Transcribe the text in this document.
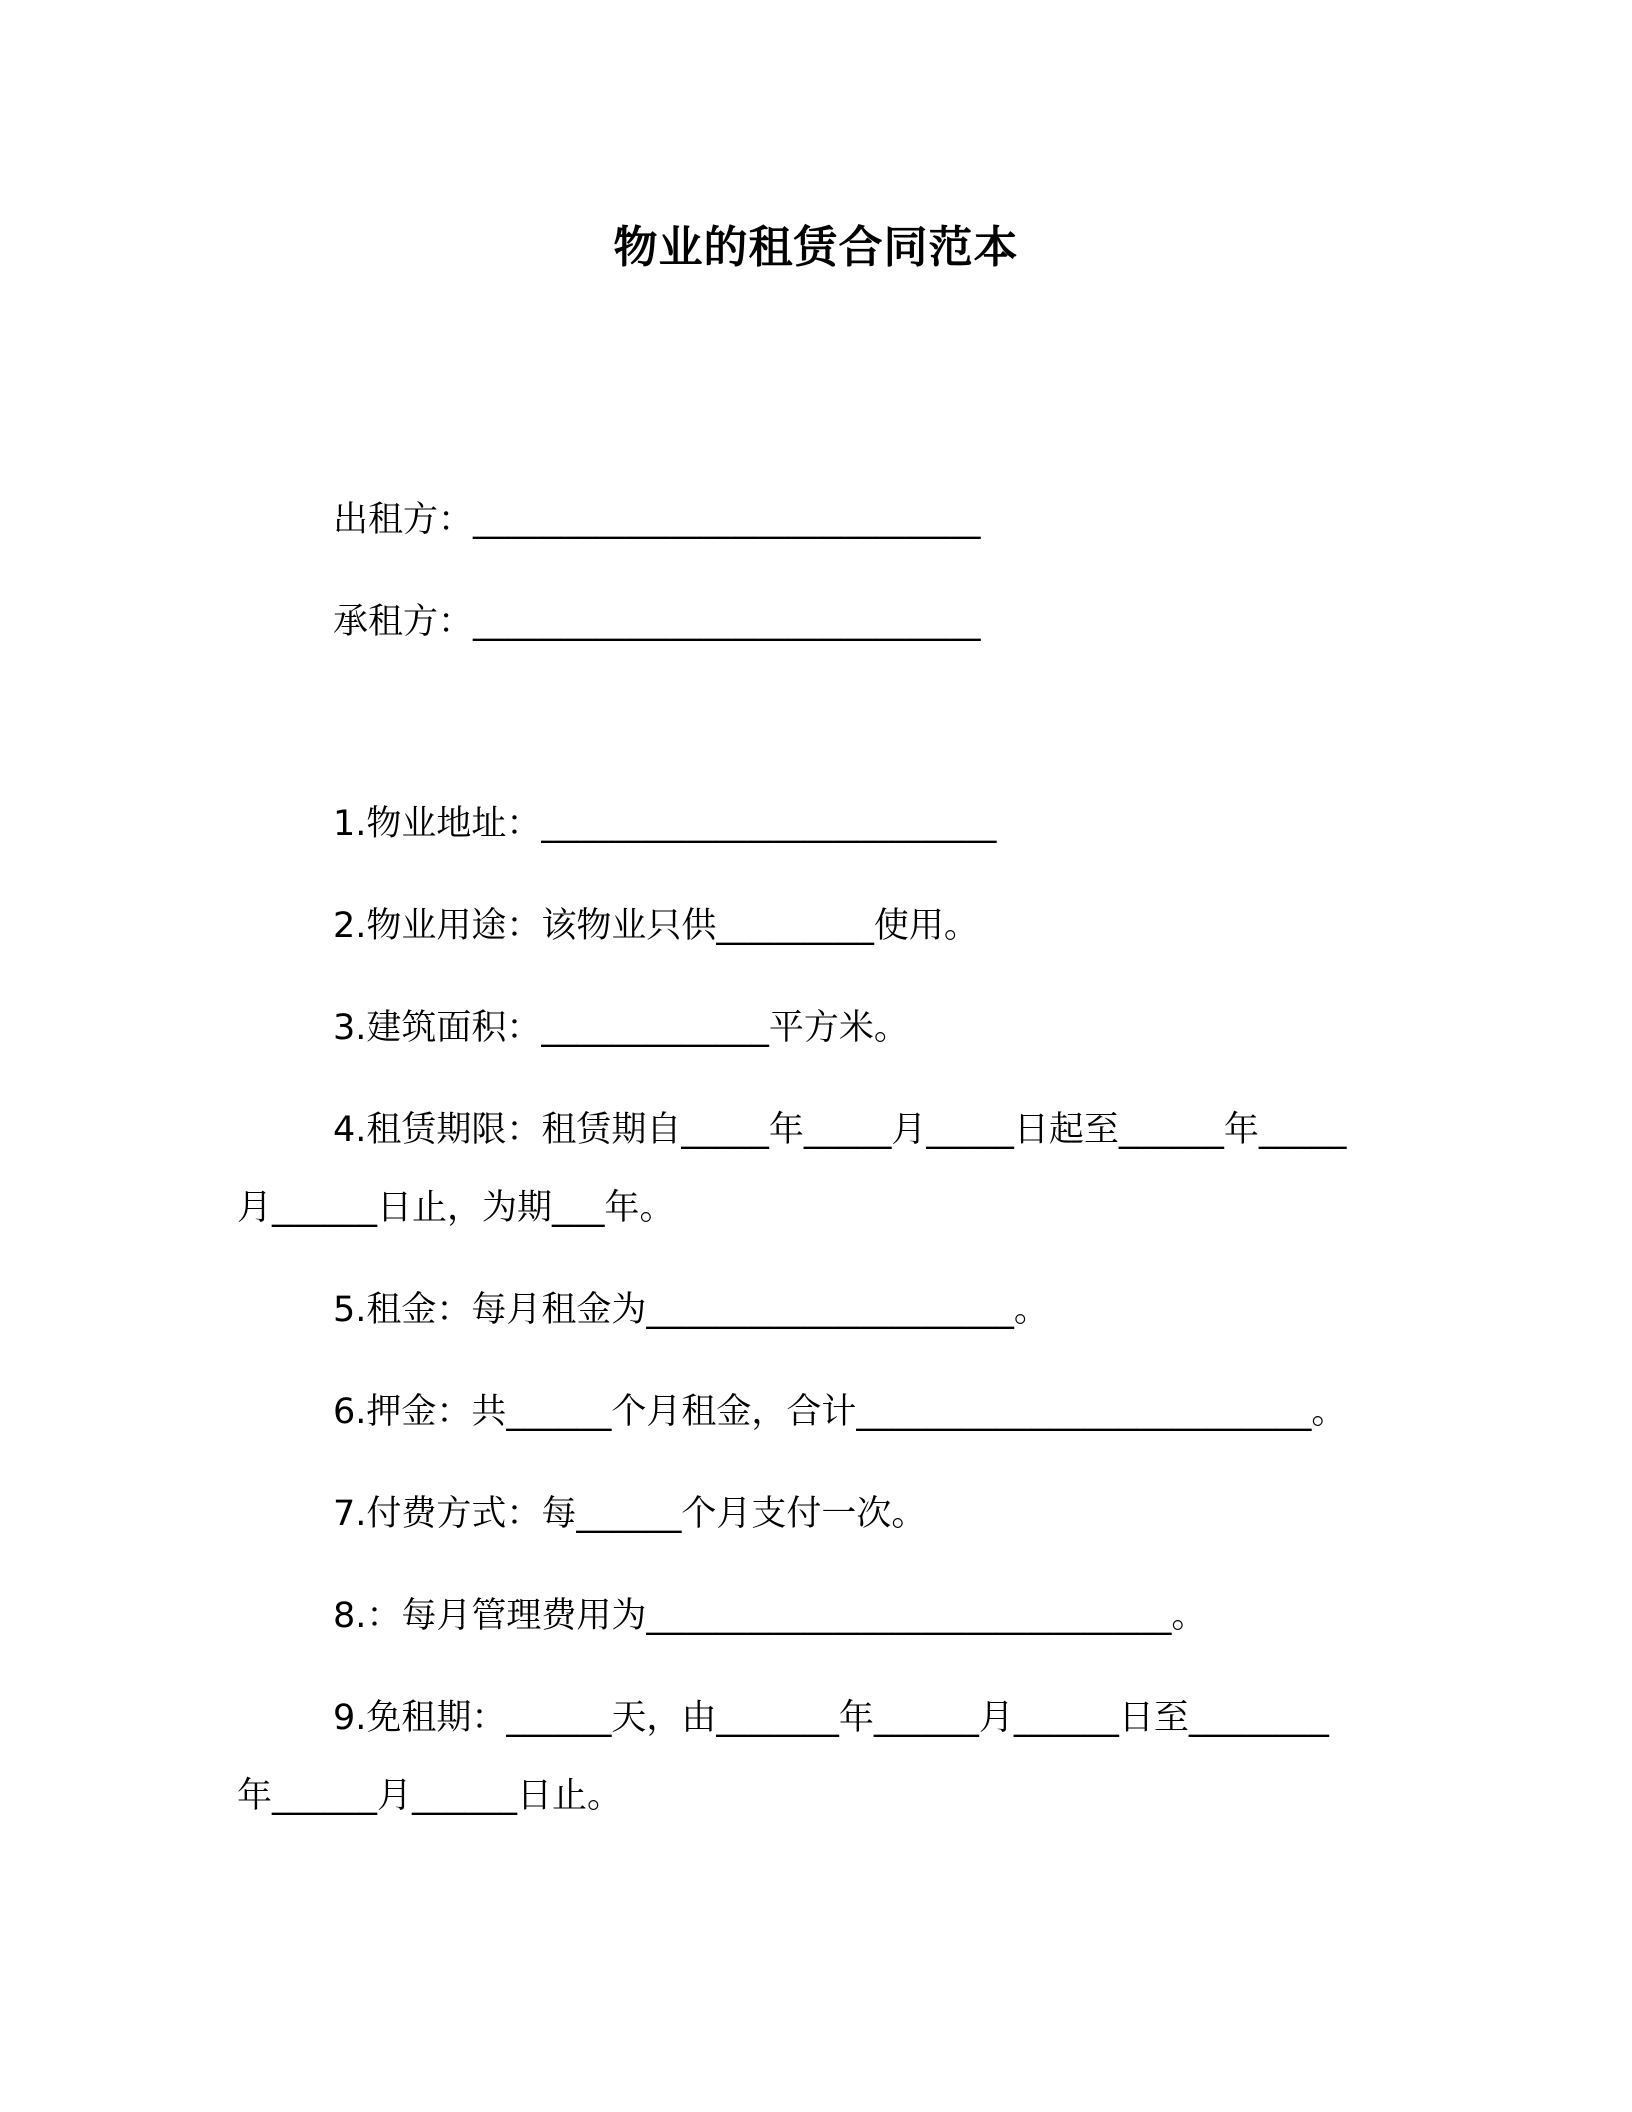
物业的租赁合同范本
出租方：_____________________________
承租方：_____________________________
1.物业地址：__________________________
2.物业用途：该物业只供_________使用。
3.建筑面积：_____________平方米。
4.租赁期限：租赁期自_____年_____月_____日起至______年_____
月______日止，为期___年。
5.租金：每月租金为_____________________。
6.押金：共______个月租金，合计__________________________。
7.付费方式：每______个月支付一次。
8.：每月管理费用为______________________________。
9.免租期：______天，由_______年______月______日至________
年______月______日止。
